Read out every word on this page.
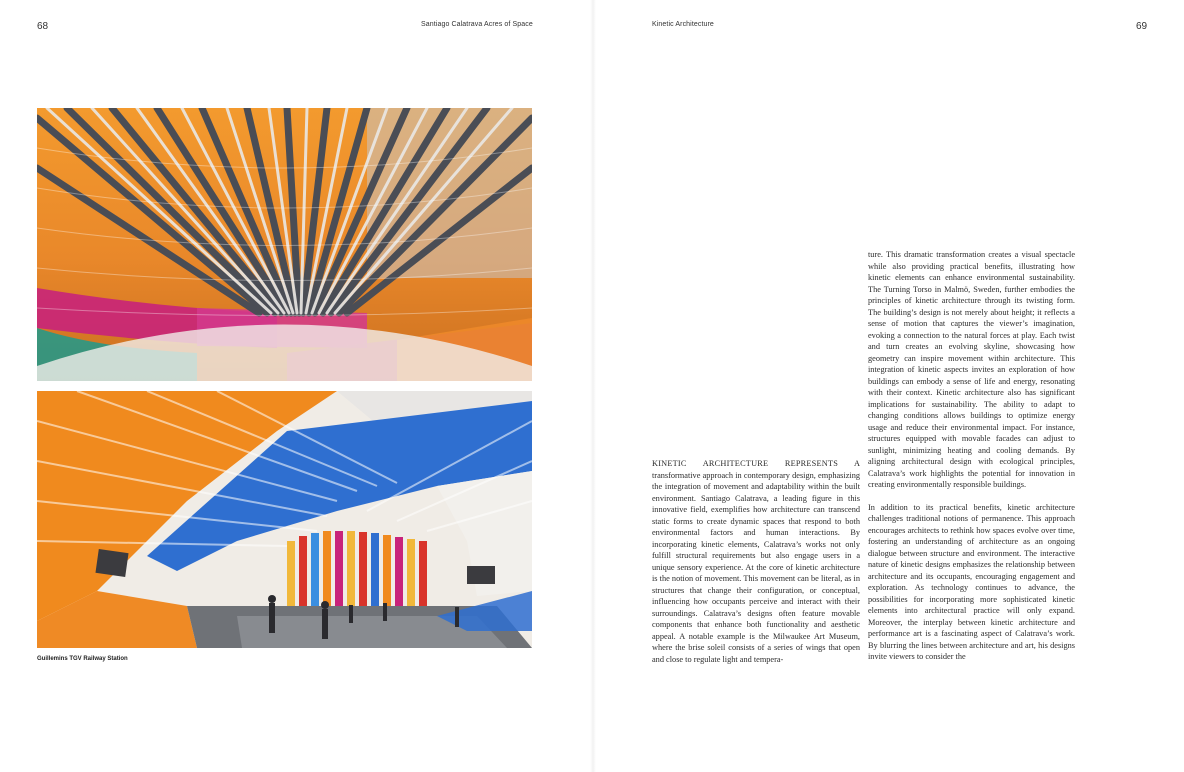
68	Santiago Calatrava Acres of Space	Kinetic Architecture	69
Guillemins TGV Railway Station

KINETIC ARCHITECTURE REPRESENTS A transformative approach in contemporary design, emphasizing the integration of movement and adaptability within the built environment. Santiago Calatrava, a leading figure in this innovative field, exemplifies how architecture can transcend static forms to create dynamic spaces that respond to both environmental factors and human interactions. By incorporating kinetic elements, Calatrava’s works not only fulfill structural requirements but also engage users in a unique sensory experience. At the core of kinetic architecture is the notion of movement. This movement can be literal, as in structures that change their configuration, or conceptual, influencing how occupants perceive and interact with their surroundings. Calatrava’s designs often feature movable components that enhance both functionality and aesthetic appeal. A notable example is the Milwaukee Art Museum, where the brise soleil consists of a series of wings that open and close to regulate light and tempera-

ture. This dramatic transformation creates a visual spectacle while also providing practical benefits, illustrating how kinetic elements can enhance environmental sustainability. The Turning Torso in Malmö, Sweden, further embodies the principles of kinetic architecture through its twisting form. The building’s design is not merely about height; it reflects a sense of motion that captures the viewer’s imagination, evoking a connection to the natural forces at play. Each twist and turn creates an evolving skyline, showcasing how geometry can inspire movement within architecture. This integration of kinetic aspects invites an exploration of how buildings can embody a sense of life and energy, resonating with their context. Kinetic architecture also has significant implications for sustainability. The ability to adapt to changing conditions allows buildings to optimize energy usage and reduce their environmental impact. For instance, structures equipped with movable facades can adjust to sunlight, minimizing heating and cooling demands. By aligning architectural design with ecological principles, Calatrava’s work highlights the potential for innovation in creating environmentally responsible buildings.

In addition to its practical benefits, kinetic architecture challenges traditional notions of permanence. This approach encourages architects to rethink how spaces evolve over time, fostering an understanding of architecture as an ongoing dialogue between structure and environment. The interactive nature of kinetic designs emphasizes the relationship between architecture and its occupants, encouraging engagement and exploration. As technology continues to advance, the possibilities for incorporating more sophisticated kinetic elements into architectural practice will only expand. Moreover, the interplay between kinetic architecture and performance art is a fascinating aspect of Calatrava’s work. By blurring the lines between architecture and art, his designs invite viewers to consider the
